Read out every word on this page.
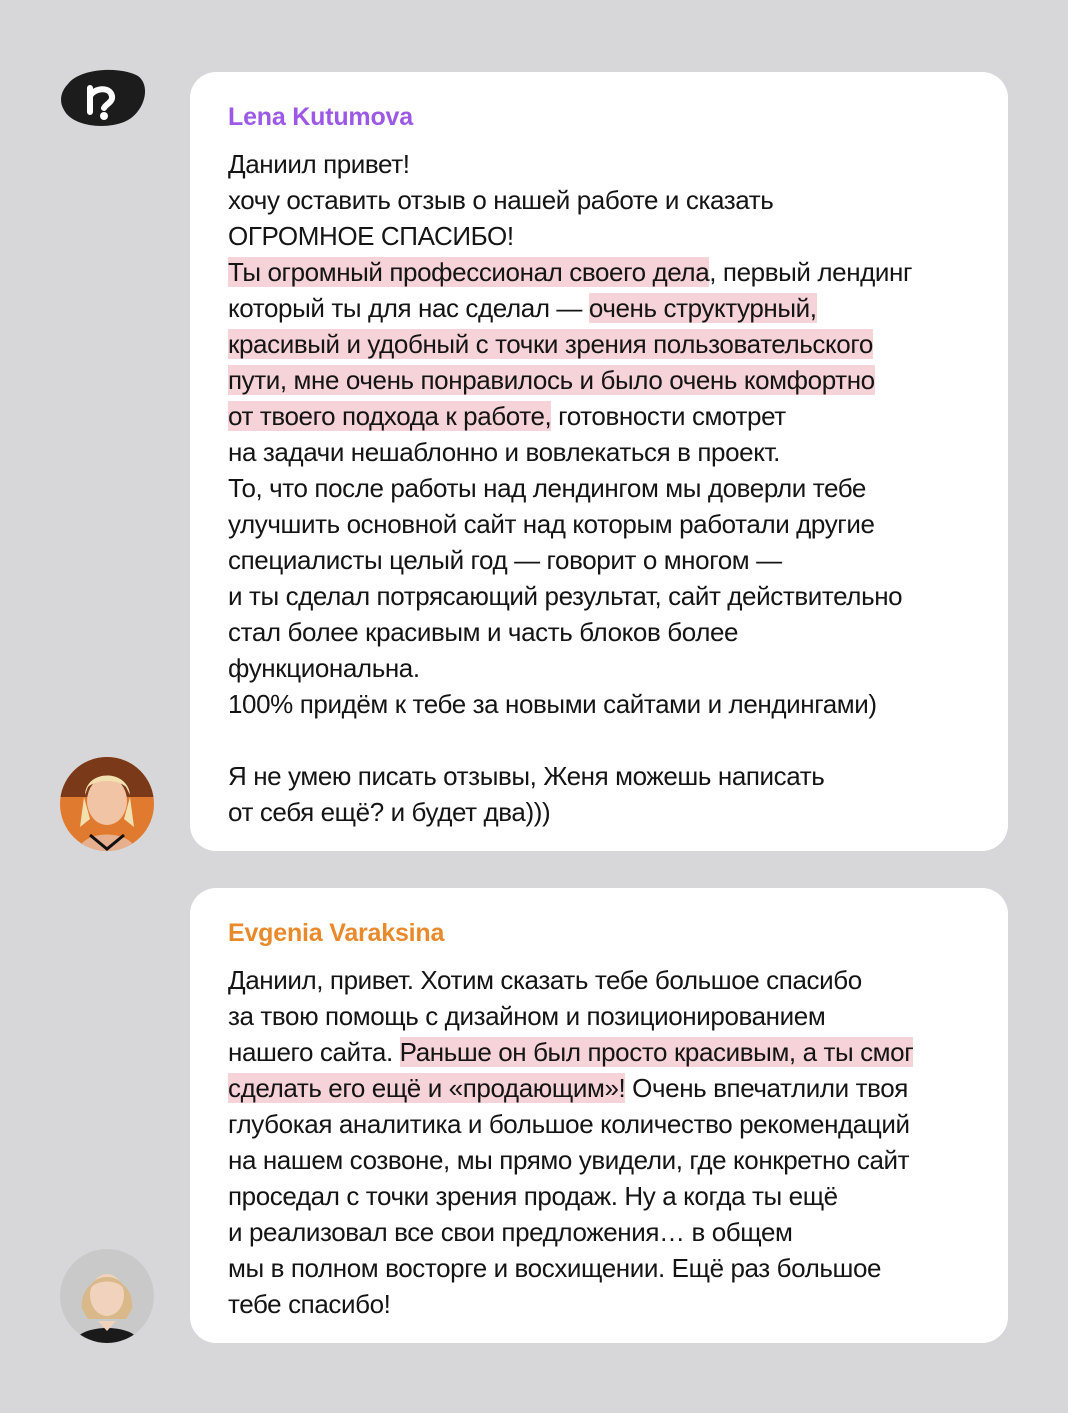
Lena Kutumova
Даниил привет!
хочу оставить отзыв о нашей работе и сказать
ОГРОМНОЕ СПАСИБО!
Ты огромный профессионал своего дела, первый лендинг
который ты для нас сделал — очень структурный,
красивый и удобный с точки зрения пользовательского
пути, мне очень понравилось и было очень комфортно
от твоего подхода к работе, готовности смотрет
на задачи нешаблонно и вовлекаться в проект.
То, что после работы над лендингом мы доверли тебе
улучшить основной сайт над которым работали другие
специалисты целый год — говорит о многом —
и ты сделал потрясающий результат, сайт действительно
стал более красивым и часть блоков более
функциональна.
100% придём к тебе за новыми сайтами и лендингами)
Я не умею писать отзывы, Женя можешь написать
от себя ещё? и будет два)))
Evgenia Varaksina
Даниил, привет. Хотим сказать тебе большое спасибо
за твою помощь с дизайном и позиционированием
нашего сайта. Раньше он был просто красивым, а ты смог
сделать его ещё и «продающим»! Очень впечатлили твоя
глубокая аналитика и большое количество рекомендаций
на нашем созвоне, мы прямо увидели, где конкретно сайт
проседал с точки зрения продаж. Ну а когда ты ещё
и реализовал все свои предложения… в общем
мы в полном восторге и восхищении. Ещё раз большое
тебе спасибо!
